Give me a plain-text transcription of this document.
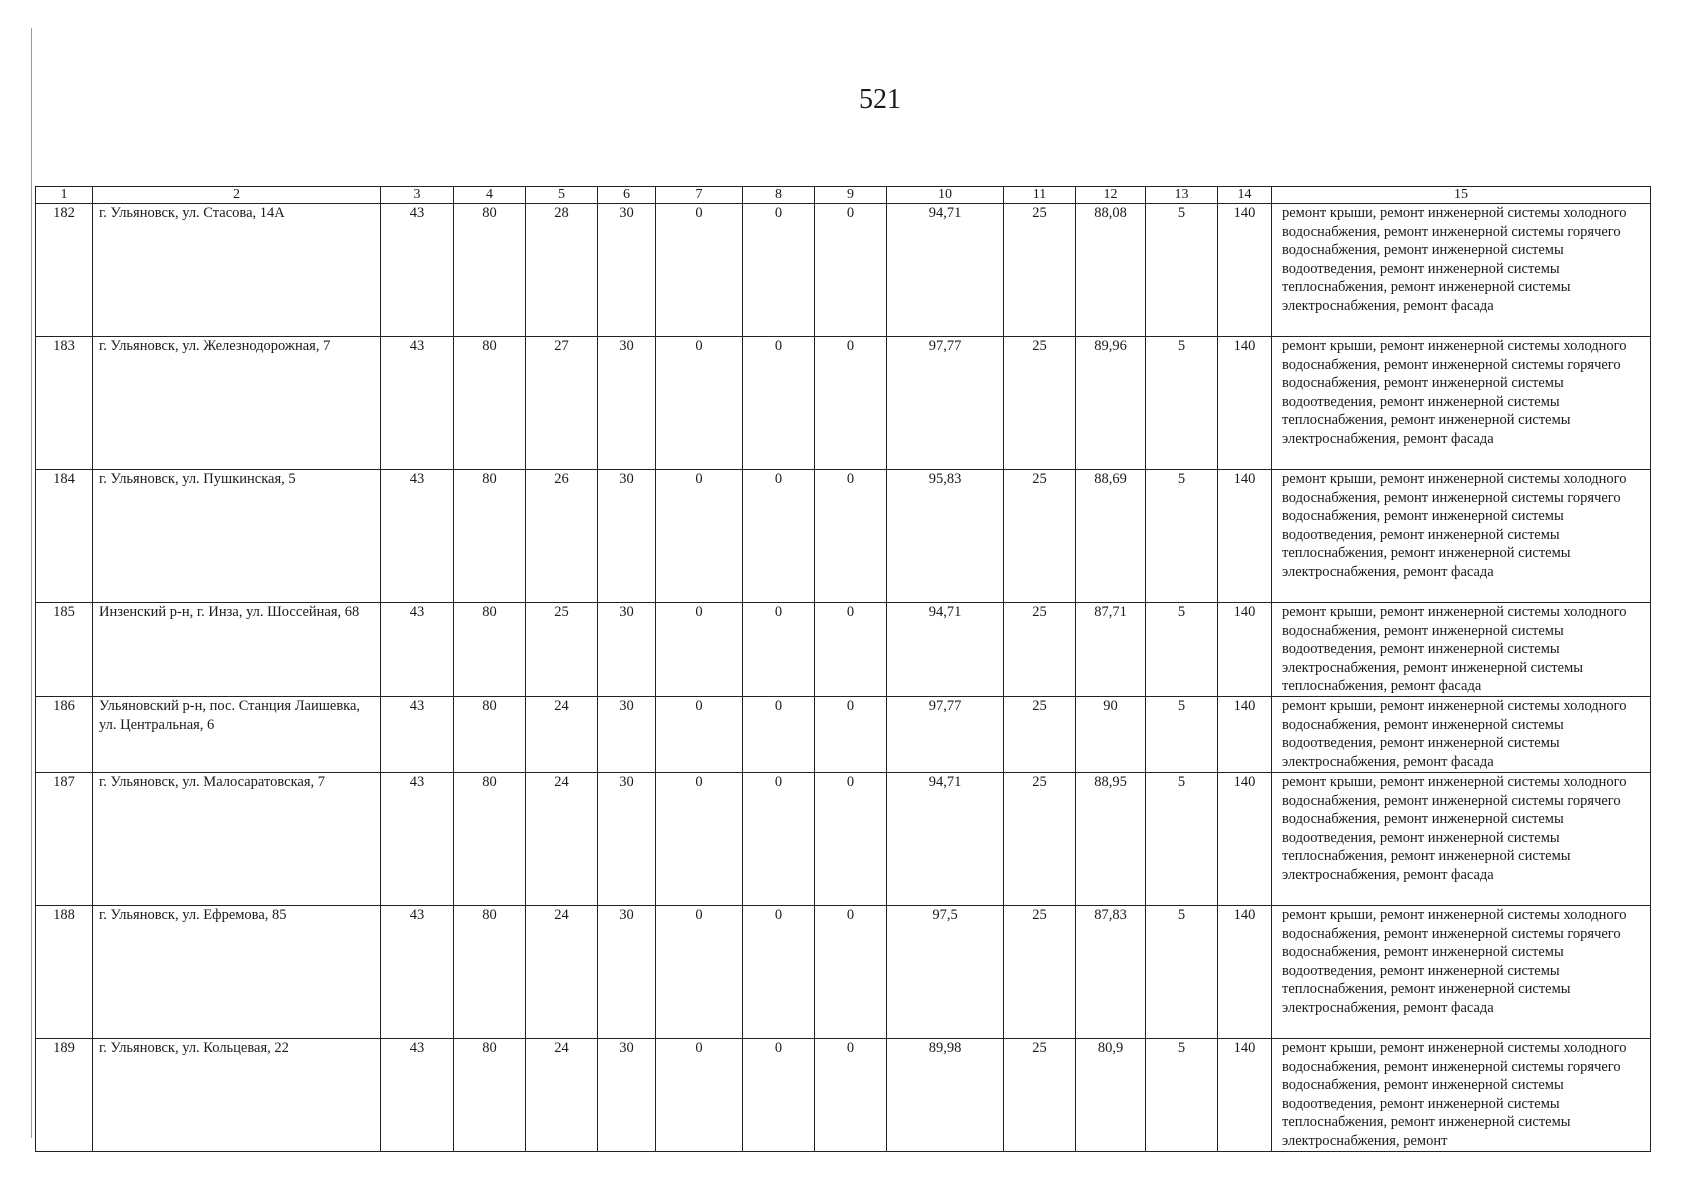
521
1	2	3	4	5	6	7	8	9	10	11	12	13	14	15
182	г. Ульяновск, ул. Стасова, 14А	43	80	28	30	0	0	0	94,71	25	88,08	5	140	ремонт крыши, ремонт инженерной системы холодного водоснабжения, ремонт инженерной системы горячего водоснабжения, ремонт инженерной системы водоотведения, ремонт инженерной системы теплоснабжения, ремонт инженерной системы электроснабжения, ремонт фасада
183	г. Ульяновск, ул. Железнодорожная, 7	43	80	27	30	0	0	0	97,77	25	89,96	5	140	ремонт крыши, ремонт инженерной системы холодного водоснабжения, ремонт инженерной системы горячего водоснабжения, ремонт инженерной системы водоотведения, ремонт инженерной системы теплоснабжения, ремонт инженерной системы электроснабжения, ремонт фасада
184	г. Ульяновск, ул. Пушкинская, 5	43	80	26	30	0	0	0	95,83	25	88,69	5	140	ремонт крыши, ремонт инженерной системы холодного водоснабжения, ремонт инженерной системы горячего водоснабжения, ремонт инженерной системы водоотведения, ремонт инженерной системы теплоснабжения, ремонт инженерной системы электроснабжения, ремонт фасада
185	Инзенский р-н, г. Инза, ул. Шоссейная, 68	43	80	25	30	0	0	0	94,71	25	87,71	5	140	ремонт крыши, ремонт инженерной системы холодного водоснабжения, ремонт инженерной системы водоотведения, ремонт инженерной системы электроснабжения, ремонт инженерной системы теплоснабжения, ремонт фасада
186	Ульяновский р-н, пос. Станция Лаишевка, ул. Центральная, 6	43	80	24	30	0	0	0	97,77	25	90	5	140	ремонт крыши, ремонт инженерной системы холодного водоснабжения, ремонт инженерной системы водоотведения, ремонт инженерной системы электроснабжения, ремонт фасада
187	г. Ульяновск, ул. Малосаратовская, 7	43	80	24	30	0	0	0	94,71	25	88,95	5	140	ремонт крыши, ремонт инженерной системы холодного водоснабжения, ремонт инженерной системы горячего водоснабжения, ремонт инженерной системы водоотведения, ремонт инженерной системы теплоснабжения, ремонт инженерной системы электроснабжения, ремонт фасада
188	г. Ульяновск, ул. Ефремова, 85	43	80	24	30	0	0	0	97,5	25	87,83	5	140	ремонт крыши, ремонт инженерной системы холодного водоснабжения, ремонт инженерной системы горячего водоснабжения, ремонт инженерной системы водоотведения, ремонт инженерной системы теплоснабжения, ремонт инженерной системы электроснабжения, ремонт фасада
189	г. Ульяновск, ул. Кольцевая, 22	43	80	24	30	0	0	0	89,98	25	80,9	5	140	ремонт крыши, ремонт инженерной системы холодного водоснабжения, ремонт инженерной системы горячего водоснабжения, ремонт инженерной системы водоотведения, ремонт инженерной системы теплоснабжения, ремонт инженерной системы электроснабжения, ремонт
